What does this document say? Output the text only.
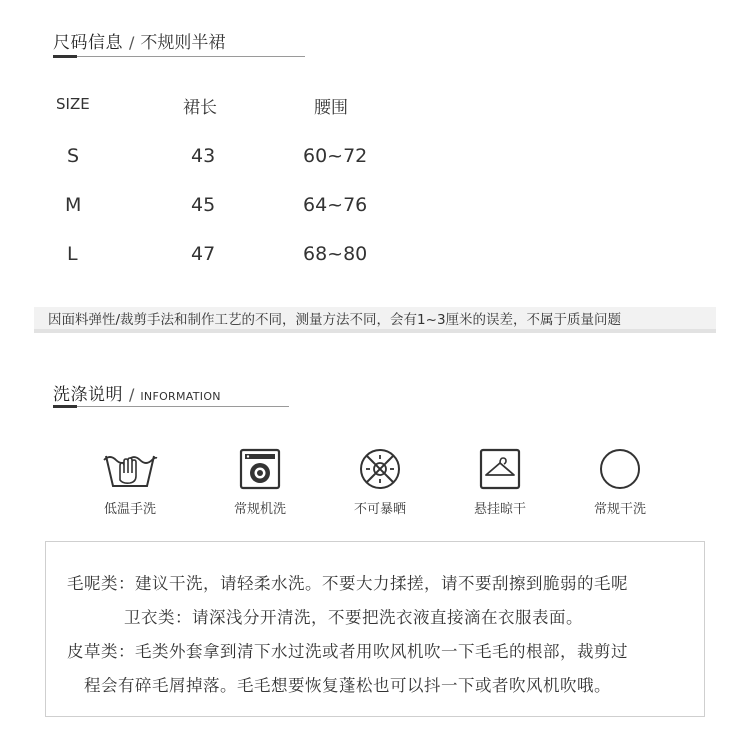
尺码信息 / 不规则半裙
SIZE	裙长	腰围
S	43	60~72
M	45	64~76
L	47	68~80
因面料弹性/裁剪手法和制作工艺的不同，测量方法不同，会有1~3厘米的误差，不属于质量问题
洗涤说明 / INFORMATION
低温手洗	常规机洗	不可暴晒	悬挂晾干	常规干洗

毛呢类：建议干洗，请轻柔水洗。不要大力揉搓，请不要刮擦到脆弱的毛呢

卫衣类：请深浅分开清洗，不要把洗衣液直接滴在衣服表面。

皮草类：毛类外套拿到清下水过洗或者用吹风机吹一下毛毛的根部，裁剪过

程会有碎毛屑掉落。毛毛想要恢复蓬松也可以抖一下或者吹风机吹哦。
